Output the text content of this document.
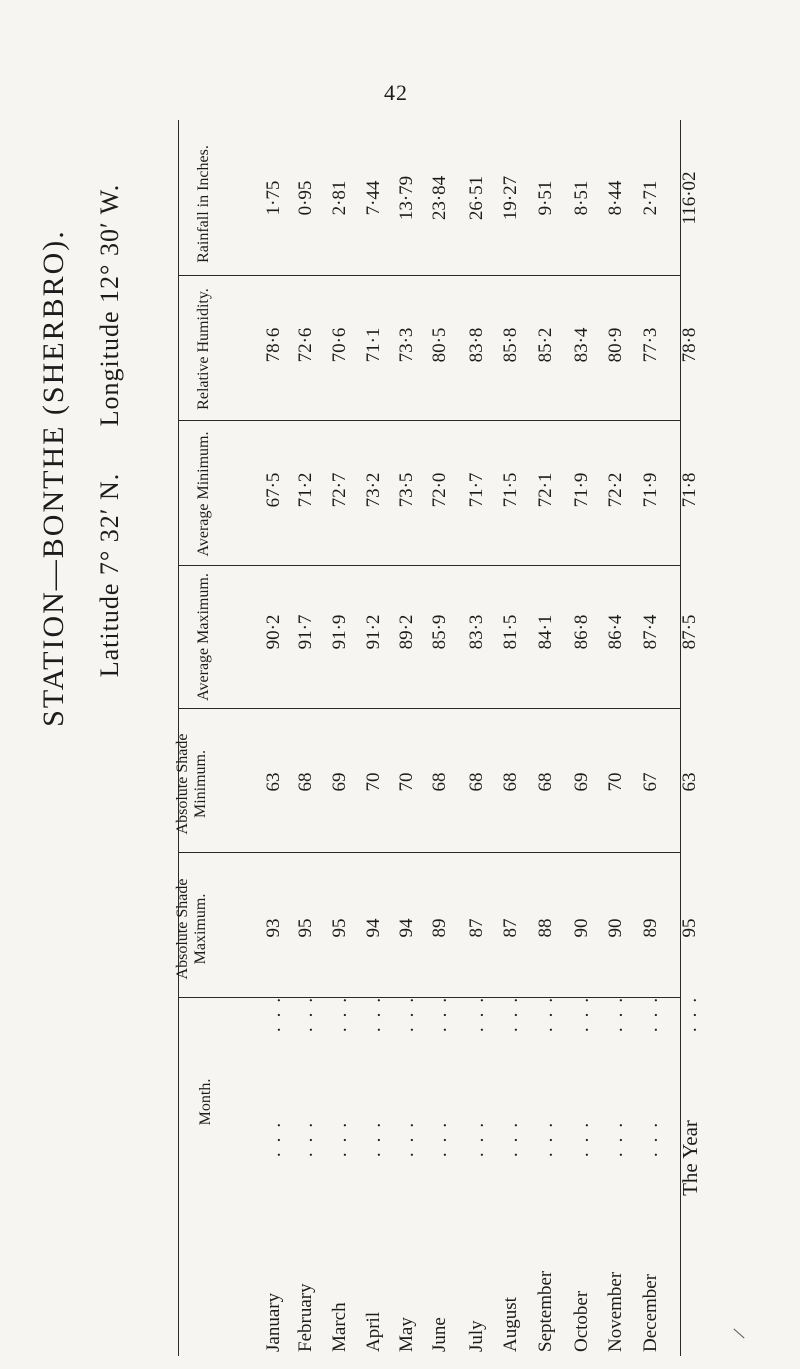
42
STATION—BONTHE (SHERBRO). Latitude 7° 32′ N.
Longitude 12° 30′ W.	Rainfall in Inches.
Relative Humidity.
Average Minimum.
Average Maximum.
Absolute Shade Minimum.
Absolute Shade Maximum.
Month.
1·75
78·6
67·5
90·2
63
93
January
...
...
0·95
72·6
71·2
91·7
68
95
February
...
...
2·81
70·6
72·7
91·9
69
95
March
...
...
7·44
71·1
73·2
91·2
70
94
April
...
...
13·79
73·3
73·5
89·2
70
94
May
...
...
23·84
80·5
72·0
85·9
68
89
June
...
...
26·51
83·8
71·7
83·3
68
87
July
...
...
19·27
85·8
71·5
81·5
68
87
August
...
...
9·51
85·2
72·1
84·1
68
88
September
...
...
8·51
83·4
71·9
86·8
69
90
October
...
...
8·44
80·9
72·2
86·4
70
90
November
...
...
2·71
77·3
71·9
87·4
67
89
December
...
...
116·02
78·8
71·8
87·5
63
95
The Year
...
